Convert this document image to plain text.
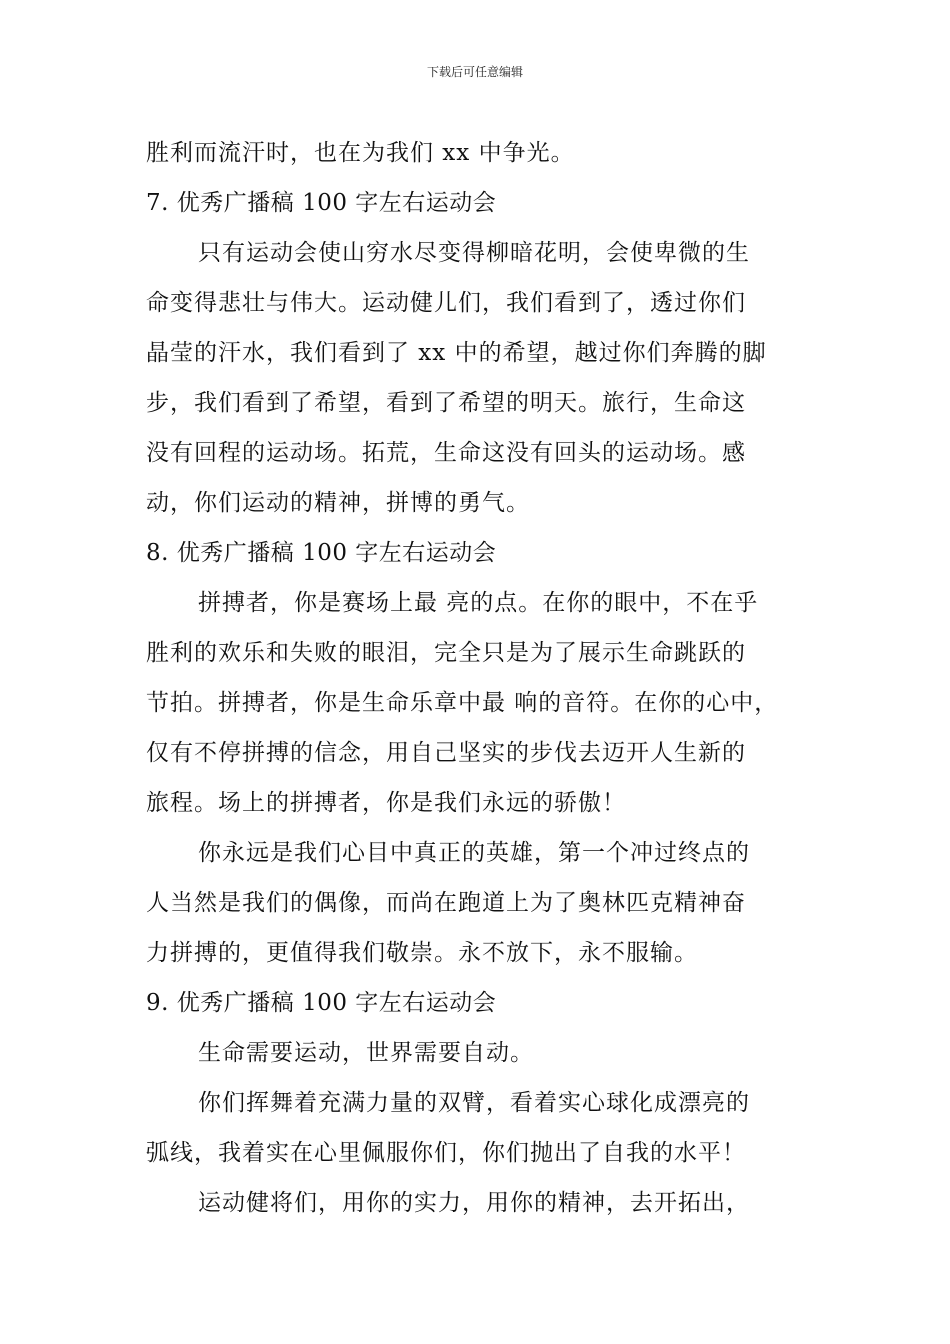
下载后可任意编辑
胜利而流汗时，也在为我们 xx 中争光。
7. 优秀广播稿 100 字左右运动会
只有运动会使山穷水尽变得柳暗花明，会使卑微的生
命变得悲壮与伟大。运动健儿们，我们看到了，透过你们
晶莹的汗水，我们看到了 xx 中的希望，越过你们奔腾的脚
步，我们看到了希望，看到了希望的明天。旅行，生命这
没有回程的运动场。拓荒，生命这没有回头的运动场。感
动，你们运动的精神，拼博的勇气。
8. 优秀广播稿 100 字左右运动会
拼搏者，你是赛场上最 亮的点。在你的眼中，不在乎
胜利的欢乐和失败的眼泪，完全只是为了展示生命跳跃的
节拍。拼搏者，你是生命乐章中最 响的音符。在你的心中，
仅有不停拼搏的信念，用自己坚实的步伐去迈开人生新的
旅程。场上的拼搏者，你是我们永远的骄傲！
你永远是我们心目中真正的英雄，第一个冲过终点的
人当然是我们的偶像，而尚在跑道上为了奥林匹克精神奋
力拼搏的，更值得我们敬崇。永不放下，永不服输。
9. 优秀广播稿 100 字左右运动会
生命需要运动，世界需要自动。
你们挥舞着充满力量的双臂，看着实心球化成漂亮的
弧线，我着实在心里佩服你们，你们抛出了自我的水平！
运动健将们，用你的实力，用你的精神，去开拓出，
